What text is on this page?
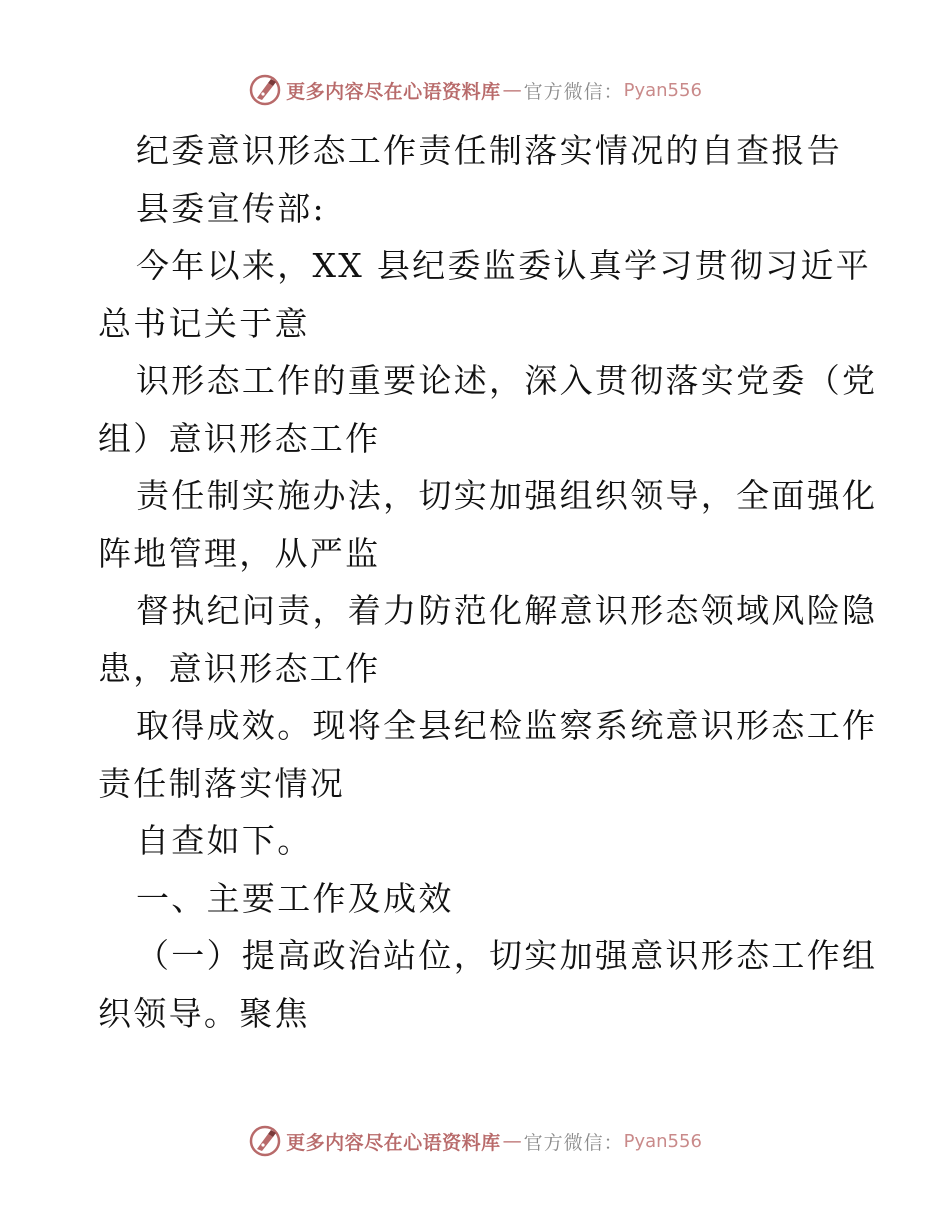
更多内容尽在心语资料库 — 官方微信： Pyan556
纪委意识形态工作责任制落实情况的自查报告
县委宣传部:
今年以来，XX 县纪委监委认真学习贯彻习近平
总书记关于意
识形态工作的重要论述，深入贯彻落实党委（党
组）意识形态工作
责任制实施办法，切实加强组织领导，全面强化
阵地管理，从严监
督执纪问责，着力防范化解意识形态领域风险隐
患，意识形态工作
取得成效。现将全县纪检监察系统意识形态工作
责任制落实情况
自查如下。
一、主要工作及成效
（一）提高政治站位，切实加强意识形态工作组
织领导。聚焦
更多内容尽在心语资料库 — 官方微信： Pyan556
